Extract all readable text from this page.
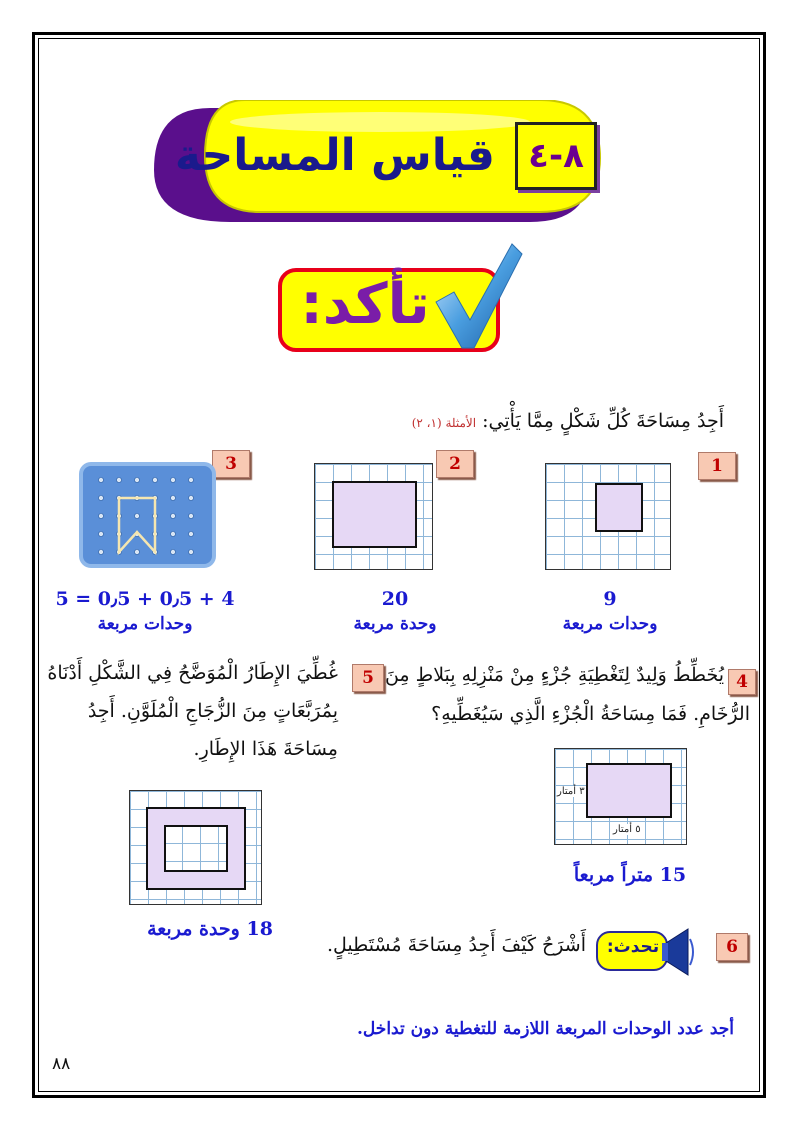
قياس المساحة ٨-٤
تأكد:
أَجِدُ مِسَاحَةَ كُلِّ شَكْلٍ مِمَّا يَأْتِي: الأمثلة (١، ٢)
1
2
3
9
وحدات مربعة
20
وحدة مربعة
5 = 0٫5 + 0٫5 + 4
وحدات مربعة
4
يُخَطِّطُ وَلِيدٌ لِتَغْطِيَةِ جُزْءٍ مِنْ مَنْزِلِهِ بِبَلاطٍ مِنَ
الرُّخَامِ. فَمَا مِسَاحَةُ الْجُزْءِ الَّذِي سَيُغَطِّيهِ؟
٣ أمتار
٥ أمتار
15 متراً مربعاً
5
غُطِّيَ الإِطَارُ الْمُوَضَّحُ فِي الشَّكْلِ أَدْنَاهُ
بِمُرَبَّعَاتٍ مِنَ الزُّجَاجِ الْمُلَوَّنِ. أَجِدُ
مِسَاحَةَ هَذَا الإِطَارِ.
18 وحدة مربعة
6
تحدث:
أَشْرَحُ كَيْفَ أَجِدُ مِسَاحَةَ مُسْتَطِيلٍ.
أجد عدد الوحدات المربعة اللازمة للتغطية دون تداخل.
٨٨
